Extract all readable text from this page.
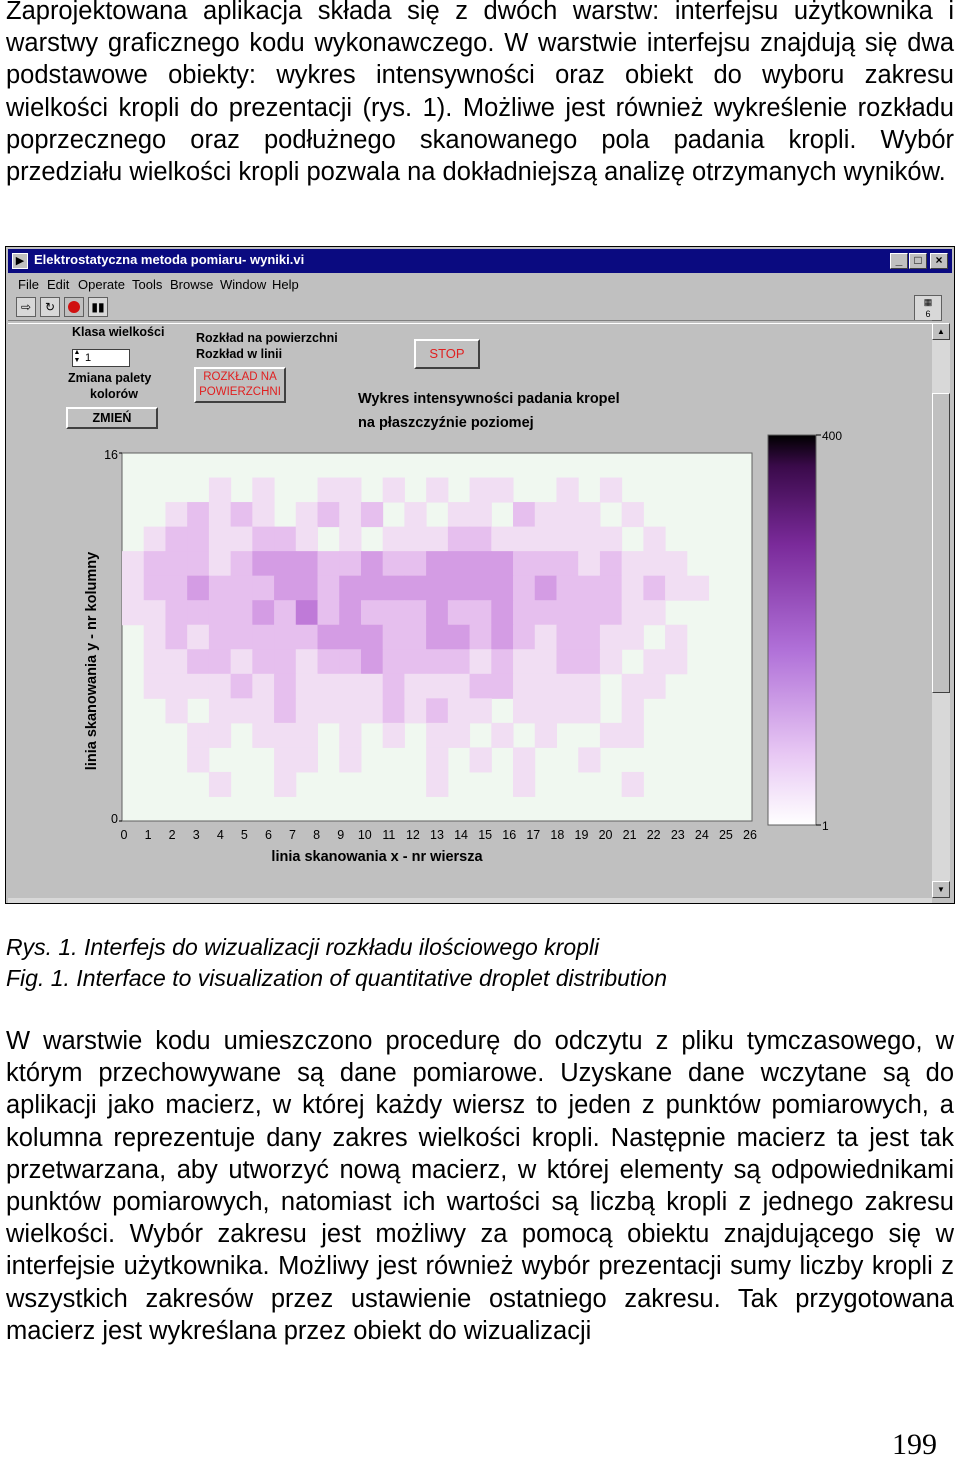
Zaprojektowana aplikacja składa się z dwóch warstw: interfejsu użytkownika i warstwy graficznego kodu wykonawczego. W warstwie interfejsu znajdują się dwa podstawowe obiekty: wykres intensywności oraz obiekt do wyboru zakresu wielkości kropli do prezentacji (rys. 1). Możliwe jest również wykreślenie rozkładu poprzecznego oraz podłużnego skanowanego pola padania kropli. Wybór przedziału wielkości kropli pozwala na dokładniejszą analizę otrzymanych wyników.

▶ Elektrostatyczna metoda pomiaru- wyniki.vi	_	□	×
File Edit Operate Tools Browse Window Help
⇨	↻	▮▮	▦
6
Klasa wielkości
1
▲
▼
Zmiana palety
kolorów
ZMIEŃ
Rozkład na powierzchni
Rozkład w linii
ROZKŁAD NA
POWIERZCHNI
STOP
Wykres intensywności padania kropel
na płaszczyźnie poziomej
0 1 2 3 4 5 6 7 8 9 10 11 12 13 14 15 16 17 18 19 20 21 22 23 24 25 26
linia skanowania x - nr wiersza
16
0
linia skanowania y - nr kolumny
400
1
▲
▼
Rys. 1. Interfejs do wizualizacji rozkładu ilościowego kropli
Fig. 1. Interface to visualization of quantitative droplet distribution

W warstwie kodu umieszczono procedurę do odczytu z pliku tymczasowego, w którym przechowywane są dane pomiarowe. Uzyskane dane wczytane są do aplikacji jako macierz, w której każdy wiersz to jeden z punktów pomiarowych, a kolumna reprezentuje dany zakres wielkości kropli. Następnie macierz ta jest tak przetwarzana, aby utworzyć nową macierz, w której elementy są odpowiednikami punktów pomiarowych, natomiast ich wartości są liczbą kropli z jednego zakresu wielkości. Wybór zakresu jest możliwy za pomocą obiektu znajdującego się w interfejsie użytkownika. Możliwy jest również wybór prezentacji sumy liczby kropli z wszystkich zakresów przez ustawienie ostatniego zakresu. Tak przygotowana macierz jest wykreślana przez obiekt do wizualizacji

199
